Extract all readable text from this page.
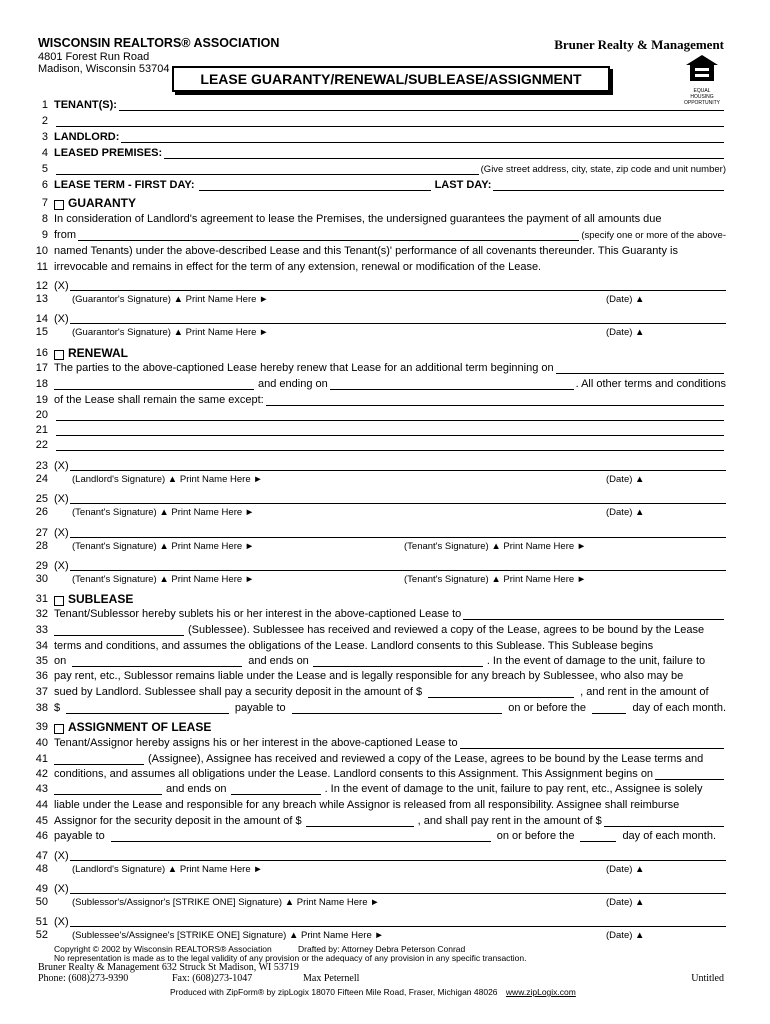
WISCONSIN REALTORS® ASSOCIATION
4801 Forest Run Road
Madison, Wisconsin 53704
Bruner Realty & Management
LEASE GUARANTY/RENEWAL/SUBLEASE/ASSIGNMENT
EQUAL HOUSING
OPPORTUNITY
1 TENANT(S):
2
3 LANDLORD:
4 LEASED PREMISES:
5	(Give street address, city, state, zip code and unit number)
6 LEASE TERM - FIRST DAY:	LAST DAY:
7 GUARANTY
8 In consideration of Landlord's agreement to lease the Premises, the undersigned guarantees the payment of all amounts due
9 from	(specify one or more of the above-
10 named Tenants) under the above-described Lease and this Tenant(s)' performance of all covenants thereunder. This Guaranty is
11 irrevocable and remains in effect for the term of any extension, renewal or modification of the Lease.
12
13
(X)
(Guarantor's Signature) ▲ Print Name Here ►	(Date) ▲
14
15
(X)
(Guarantor's Signature) ▲ Print Name Here ►	(Date) ▲
16 RENEWAL
17 The parties to the above-captioned Lease hereby renew that Lease for an additional term beginning on
18	and ending on	. All other terms and conditions
19 of the Lease shall remain the same except:
20
21
22
23
24
(X)
(Landlord's Signature) ▲ Print Name Here ►	(Date) ▲
25
26
(X)
(Tenant's Signature) ▲ Print Name Here ►	(Date) ▲
27
28
(X)
(Tenant's Signature) ▲ Print Name Here ►	(Tenant's Signature) ▲ Print Name Here ►
29
30
(X)
(Tenant's Signature) ▲ Print Name Here ►	(Tenant's Signature) ▲ Print Name Here ►
31 SUBLEASE
32 Tenant/Sublessor hereby sublets his or her interest in the above-captioned Lease to
33	(Sublessee). Sublessee has received and reviewed a copy of the Lease, agrees to be bound by the Lease
34 terms and conditions, and assumes the obligations of the Lease. Landlord consents to this Sublease. This Sublease begins
35 on	and ends on	. In the event of damage to the unit, failure to
36 pay rent, etc., Sublessor remains liable under the Lease and is legally responsible for any breach by Sublessee, who also may be
37 sued by Landlord. Sublessee shall pay a security deposit in the amount of $	, and rent in the amount of
38 $	payable to	on or before the	day of each month.
39 ASSIGNMENT OF LEASE
40 Tenant/Assignor hereby assigns his or her interest in the above-captioned Lease to
41	(Assignee), Assignee has received and reviewed a copy of the Lease, agrees to be bound by the Lease terms and
42 conditions, and assumes all obligations under the Lease. Landlord consents to this Assignment. This Assignment begins on
43	and ends on	. In the event of damage to the unit, failure to pay rent, etc., Assignee is solely
44 liable under the Lease and responsible for any breach while Assignor is released from all responsibility. Assignee shall reimburse
45 Assignor for the security deposit in the amount of $	, and shall pay rent in the amount of $
46 payable to	on or before the	day of each month.
47
48
(X)
(Landlord's Signature) ▲ Print Name Here ►	(Date) ▲
49
50
(X)
(Sublessor's/Assignor's [STRIKE ONE] Signature) ▲ Print Name Here ►	(Date) ▲
51
52
(X)
(Sublessee's/Assignee's [STRIKE ONE] Signature) ▲ Print Name Here ►	(Date) ▲
Copyright © 2002 by Wisconsin REALTORS® Association	Drafted by: Attorney Debra Peterson Conrad
No representation is made as to the legal validity of any provision or the adequacy of any provision in any specific transaction.
Bruner Realty & Management 632 Struck St Madison, WI 53719
Phone: (608)273-9390	Fax: (608)273-1047	Max Peternell	Untitled
Produced with ZipForm® by zipLogix 18070 Fifteen Mile Road, Fraser, Michigan 48026 www.zipLogix.com
